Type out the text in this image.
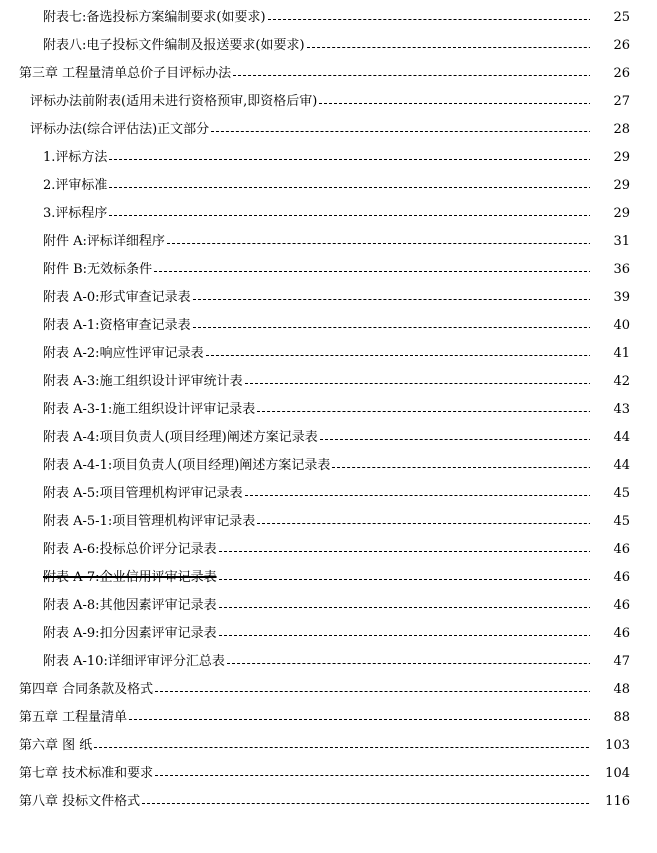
附表七:备选投标方案编制要求(如要求)	25
附表八:电子投标文件编制及报送要求(如要求)	26
第三章 工程量清单总价子目评标办法	26
评标办法前附表(适用未进行资格预审,即资格后审)	27
评标办法(综合评估法)正文部分	28
1.评标方法	29
2.评审标准	29
3.评标程序	29
附件 A:评标详细程序	31
附件 B:无效标条件	36
附表 A-0:形式审查记录表	39
附表 A-1:资格审查记录表	40
附表 A-2:响应性评审记录表	41
附表 A-3:施工组织设计评审统计表	42
附表 A-3-1:施工组织设计评审记录表	43
附表 A-4:项目负责人(项目经理)阐述方案记录表	44
附表 A-4-1:项目负责人(项目经理)阐述方案记录表	44
附表 A-5:项目管理机构评审记录表	45
附表 A-5-1:项目管理机构评审记录表	45
附表 A-6:投标总价评分记录表	46
附表 A-7:企业信用评审记录表	46
附表 A-8:其他因素评审记录表	46
附表 A-9:扣分因素评审记录表	46
附表 A-10:详细评审评分汇总表	47
第四章 合同条款及格式	48
第五章 工程量清单	88
第六章 图 纸	103
第七章 技术标准和要求	104
第八章 投标文件格式	116
